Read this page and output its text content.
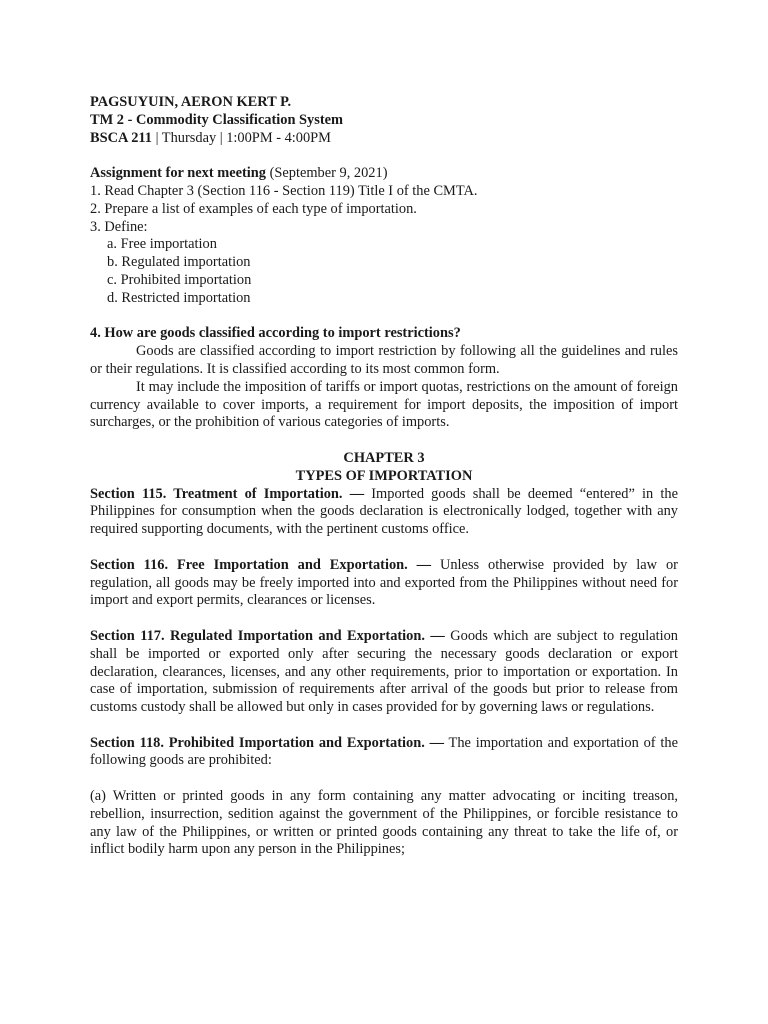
PAGSUYUIN, AERON KERT P.

TM 2 - Commodity Classification System

BSCA 211 | Thursday | 1:00PM - 4:00PM

Assignment for next meeting (September 9, 2021)

1. Read Chapter 3 (Section 116 - Section 119) Title I of the CMTA.

2. Prepare a list of examples of each type of importation.

3. Define:

a. Free importation

b. Regulated importation

c. Prohibited importation

d. Restricted importation

4. How are goods classified according to import restrictions?

Goods are classified according to import restriction by following all the guidelines and rules or their regulations. It is classified according to its most common form.

It may include the imposition of tariffs or import quotas, restrictions on the amount of foreign currency available to cover imports, a requirement for import deposits, the imposition of import surcharges, or the prohibition of various categories of imports.

CHAPTER 3

TYPES OF IMPORTATION

Section 115. Treatment of Importation. — Imported goods shall be deemed “entered” in the Philippines for consumption when the goods declaration is electronically lodged, together with any required supporting documents, with the pertinent customs office.

Section 116. Free Importation and Exportation. — Unless otherwise provided by law or regulation, all goods may be freely imported into and exported from the Philippines without need for import and export permits, clearances or licenses.

Section 117. Regulated Importation and Exportation. — Goods which are subject to regulation shall be imported or exported only after securing the necessary goods declaration or export declaration, clearances, licenses, and any other requirements, prior to importation or exportation. In case of importation, submission of requirements after arrival of the goods but prior to release from customs custody shall be allowed but only in cases provided for by governing laws or regulations.

Section 118. Prohibited Importation and Exportation. — The importation and exportation of the following goods are prohibited:

(a) Written or printed goods in any form containing any matter advocating or inciting treason, rebellion, insurrection, sedition against the government of the Philippines, or forcible resistance to any law of the Philippines, or written or printed goods containing any threat to take the life of, or inflict bodily harm upon any person in the Philippines;
